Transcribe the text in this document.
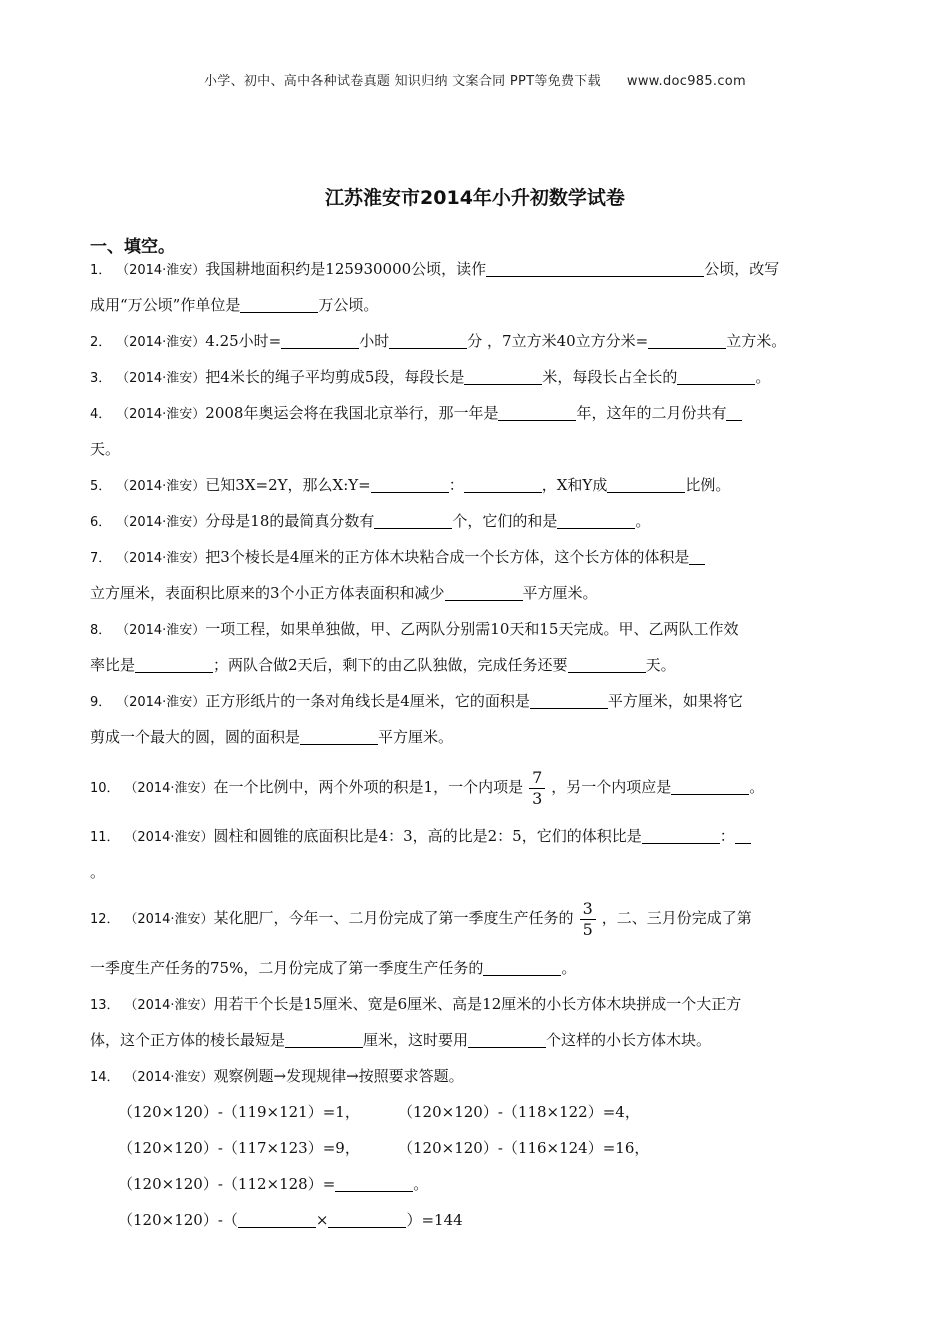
小学、初中、高中各种试卷真题 知识归纳 文案合同 PPT等免费下载 www.doc985.com
江苏淮安市2014年小升初数学试卷
一、填空。
1． （2014·淮安）我国耕地面积约是125930000公顷，读作	公顷，改写
成用“万公顷”作单位是	万公顷。
2． （2014·淮安）4.25小时=	小时	分 ，7立方米40立方分米=	立方米。
3． （2014·淮安）把4米长的绳子平均剪成5段，每段长是	米，每段长占全长的	。
4． （2014·淮安）2008年奥运会将在我国北京举行，那一年是	年，这年的二月份共有
天。
5． （2014·淮安）已知3X=2Y，那么X:Y=	：	，X和Y成	比例。
6． （2014·淮安）分母是18的最简真分数有	个，它们的和是	。
7． （2014·淮安）把3个棱长是4厘米的正方体木块粘合成一个长方体，这个长方体的体积是
立方厘米，表面积比原来的3个小正方体表面积和减少	平方厘米。
8． （2014·淮安）一项工程，如果单独做，甲、乙两队分别需10天和15天完成。甲、乙两队工作效
率比是	；两队合做2天后，剩下的由乙队独做，完成任务还要	天。
9． （2014·淮安）正方形纸片的一条对角线长是4厘米，它的面积是	平方厘米，如果将它
剪成一个最大的圆，圆的面积是	平方厘米。
10． （2014·淮安）在一个比例中，两个外项的积是1，一个内项是 $\frac{7}{3}$ ，另一个内项应是	。
11． （2014·淮安）圆柱和圆锥的底面积比是4：3，高的比是2：5，它们的体积比是	：
。
12． （2014·淮安）某化肥厂，今年一、二月份完成了第一季度生产任务的 $\frac{3}{5}$ ，二、三月份完成了第
一季度生产任务的75%，二月份完成了第一季度生产任务的	。
13． （2014·淮安）用若干个长是15厘米、宽是6厘米、高是12厘米的小长方体木块拼成一个大正方
体，这个正方体的棱长最短是	厘米，这时要用	个这样的小长方体木块。
14． （2014·淮安）观察例题→发现规律→按照要求答题。
（120×120）-（119×121）=1，	（120×120）-（118×122）=4，
（120×120）-（117×123）=9，	（120×120）-（116×124）=16，
（120×120）-（112×128）=	。
（120×120）-（	×	）=144
